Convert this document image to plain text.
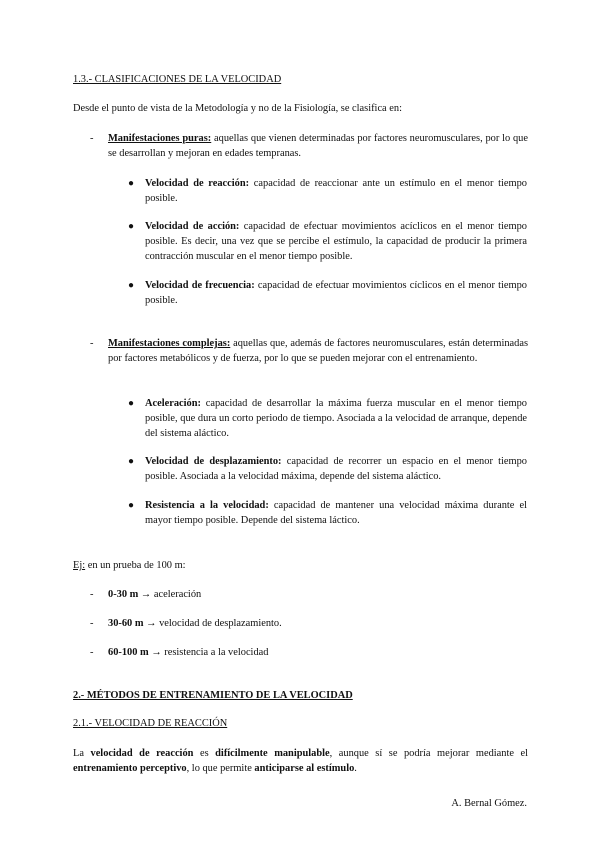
1.3.- CLASIFICACIONES DE LA VELOCIDAD
Desde el punto de vista de la Metodología y no de la Fisiología, se clasifica en:
- Manifestaciones puras: aquellas que vienen determinadas por factores neuromusculares, por lo que se desarrollan y mejoran en edades tempranas.
● Velocidad de reacción: capacidad de reaccionar ante un estímulo en el menor tiempo posible.
● Velocidad de acción: capacidad de efectuar movimientos acíclicos en el menor tiempo posible. Es decir, una vez que se percibe el estímulo, la capacidad de producir la primera contracción muscular en el menor tiempo posible.
● Velocidad de frecuencia: capacidad de efectuar movimientos cíclicos en el menor tiempo posible.
- Manifestaciones complejas: aquellas que, además de factores neuromusculares, están determinadas por factores metabólicos y de fuerza, por lo que se pueden mejorar con el entrenamiento.
● Aceleración: capacidad de desarrollar la máxima fuerza muscular en el menor tiempo posible, que dura un corto periodo de tiempo. Asociada a la velocidad de arranque, depende del sistema aláctico.
● Velocidad de desplazamiento: capacidad de recorrer un espacio en el menor tiempo posible. Asociada a la velocidad máxima, depende del sistema aláctico.
● Resistencia a la velocidad: capacidad de mantener una velocidad máxima durante el mayor tiempo posible. Depende del sistema láctico.
Ej: en un prueba de 100 m:
- 0-30 m → aceleración
- 30-60 m → velocidad de desplazamiento.
- 60-100 m → resistencia a la velocidad
2.- MÉTODOS DE ENTRENAMIENTO DE LA VELOCIDAD
2.1.- VELOCIDAD DE REACCIÓN
La velocidad de reacción es difícilmente manipulable, aunque sí se podría mejorar mediante el entrenamiento perceptivo, lo que permite anticiparse al estímulo.
A. Bernal Gómez.
